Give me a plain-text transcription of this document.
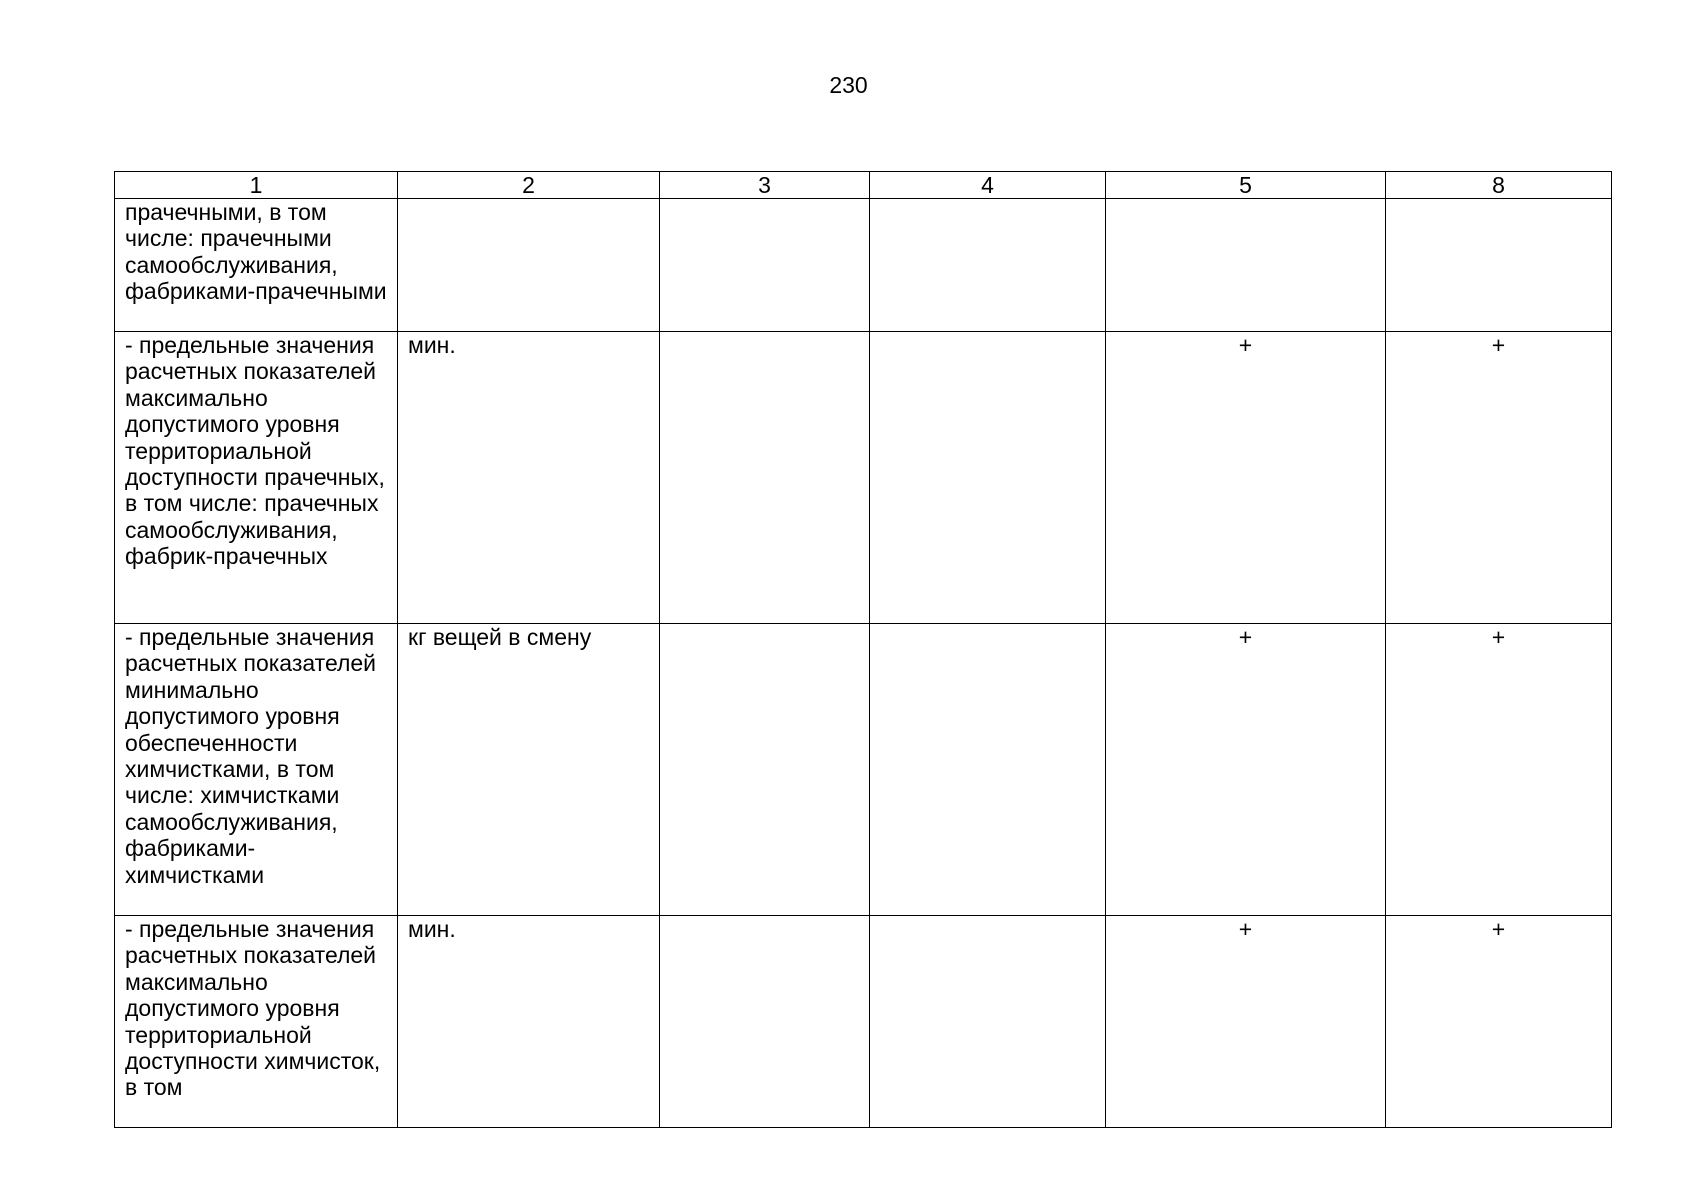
230
1	2	3	4	5	8
прачечными, в том числе: прачечными самообслуживания, фабриками-прачечными					
- предельные значения расчетных показателей максимально допустимого уровня территориальной доступности прачечных, в том числе: прачечных самообслуживания, фабрик-прачечных	мин.			+	+
- предельные значения расчетных показателей минимально допустимого уровня обеспеченности химчистками, в том числе: химчистками самообслуживания, фабриками-химчистками	кг вещей в смену			+	+
- предельные значения расчетных показателей максимально допустимого уровня территориальной доступности химчисток, в том	мин.			+	+
